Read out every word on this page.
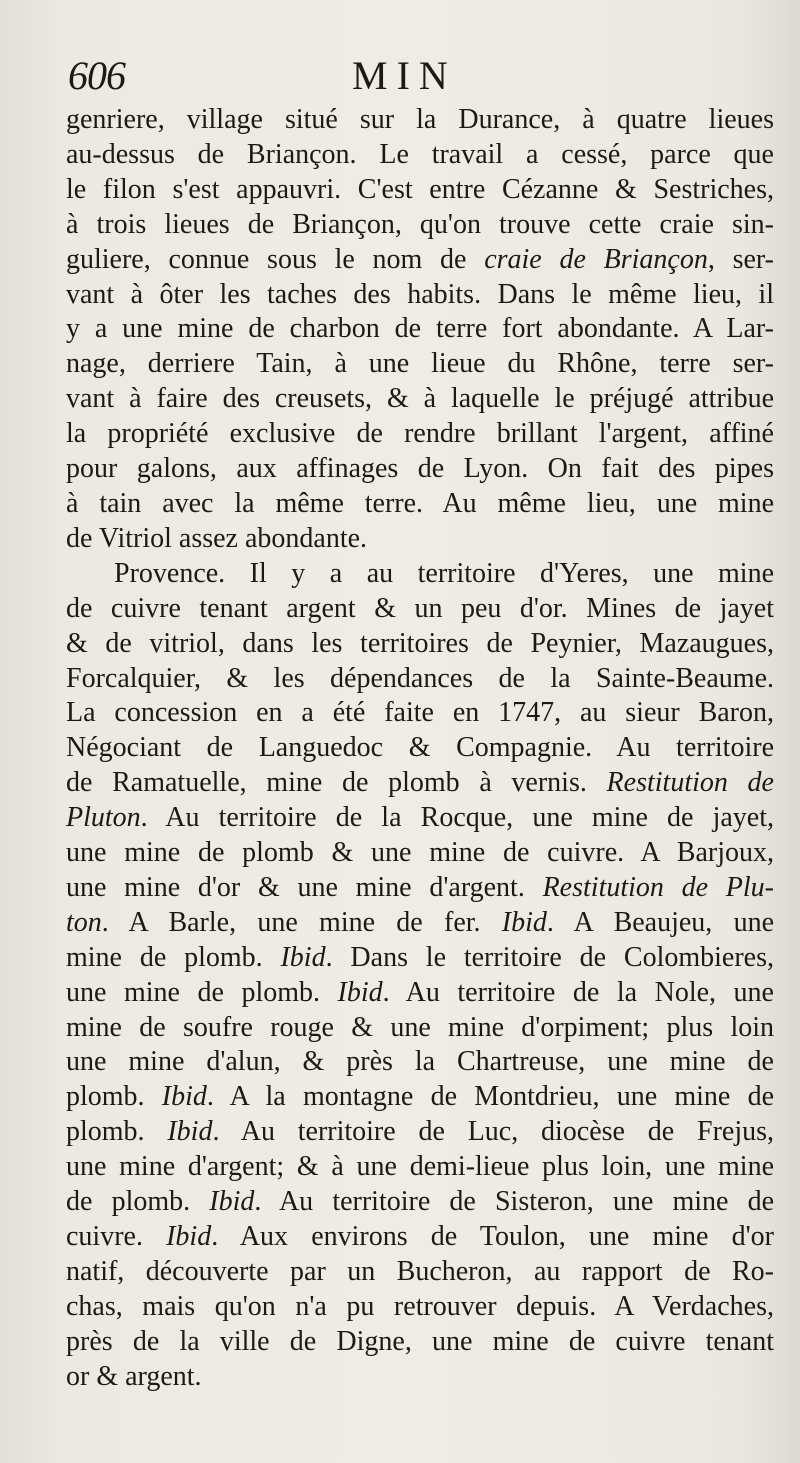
606	MIN
genriere, village situé sur la Durance, à quatre lieues
au-dessus de Briançon. Le travail a cessé, parce que
le filon s'est appauvri. C'est entre Cézanne & Sestriches,
à trois lieues de Briançon, qu'on trouve cette craie sin-
guliere, connue sous le nom de craie de Briançon, ser-
vant à ôter les taches des habits. Dans le même lieu, il
y a une mine de charbon de terre fort abondante. A Lar-
nage, derriere Tain, à une lieue du Rhône, terre ser-
vant à faire des creusets, & à laquelle le préjugé attribue
la propriété exclusive de rendre brillant l'argent, affiné
pour galons, aux affinages de Lyon. On fait des pipes
à tain avec la même terre. Au même lieu, une mine
de Vitriol assez abondante.
Provence. Il y a au territoire d'Yeres, une mine
de cuivre tenant argent & un peu d'or. Mines de jayet
& de vitriol, dans les territoires de Peynier, Mazaugues,
Forcalquier, & les dépendances de la Sainte-Beaume.
La concession en a été faite en 1747, au sieur Baron,
Négociant de Languedoc & Compagnie. Au territoire
de Ramatuelle, mine de plomb à vernis. Restitution de
Pluton. Au territoire de la Rocque, une mine de jayet,
une mine de plomb & une mine de cuivre. A Barjoux,
une mine d'or & une mine d'argent. Restitution de Plu-
ton. A Barle, une mine de fer. Ibid. A Beaujeu, une
mine de plomb. Ibid. Dans le territoire de Colombieres,
une mine de plomb. Ibid. Au territoire de la Nole, une
mine de soufre rouge & une mine d'orpiment; plus loin
une mine d'alun, & près la Chartreuse, une mine de
plomb. Ibid. A la montagne de Montdrieu, une mine de
plomb. Ibid. Au territoire de Luc, diocèse de Frejus,
une mine d'argent; & à une demi-lieue plus loin, une mine
de plomb. Ibid. Au territoire de Sisteron, une mine de
cuivre. Ibid. Aux environs de Toulon, une mine d'or
natif, découverte par un Bucheron, au rapport de Ro-
chas, mais qu'on n'a pu retrouver depuis. A Verdaches,
près de la ville de Digne, une mine de cuivre tenant
or & argent.
